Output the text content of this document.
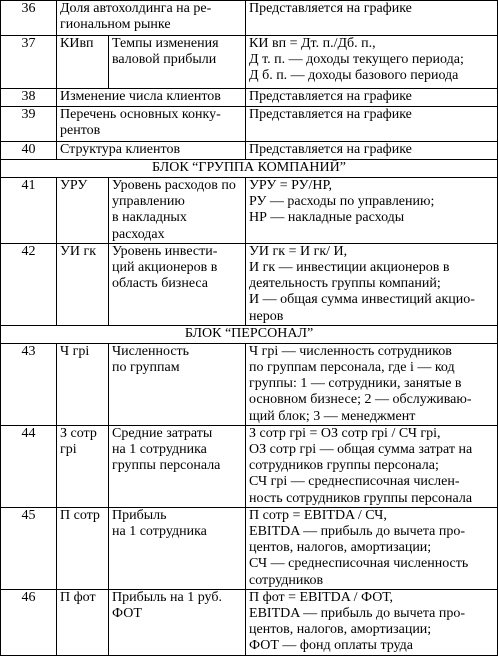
36	Доля автохолдинга на ре-
гиональном рынке		Представляется на графике

37	КИвп	Темпы изменения
валовой прибыли	КИ вп = Дт. п./Дб. п.,
Д т. п. — доходы текущего периода;
Д б. п. — доходы базового периода

38	Изменение числа клиентов		Представляется на графике

39	Перечень основных конку-
рентов		Представляется на графике

40	Структура клиентов		Представляется на графике

БЛОК “ГРУППА КОМПАНИЙ”			
41	УРУ	Уровень расходов по
управлению
в накладных
расходах	УРУ = РУ/НР,
РУ — расходы по управлению;
НР — накладные расходы

42	УИ гк	Уровень инвести-
ций акционеров в
область бизнеса	УИ гк = И гк/ И,
И гк — инвестиции акционеров в
деятельность группы компаний;
И — общая сумма инвестиций акцио-
неров

БЛОК “ПЕРСОНАЛ”			
43	Ч грi	Численность
по группам	Ч грi — численность сотрудников
по группам персонала, где i — код
группы: 1 — сотрудники, занятые в
основном бизнесе; 2 — обслуживаю-
щий блок; 3 — менеджмент

44	З сотр
грi	Средние затраты
на 1 сотрудника
группы персонала	З сотр грi = ОЗ сотр грi / СЧ грi,
ОЗ сотр грi — общая сумма затрат на
сотрудников группы персонала;
СЧ грi — среднесписочная числен-
ность сотрудников группы персонала

45	П сотр	Прибыль
на 1 сотрудника	П сотр = EBITDA / СЧ,
EBITDA — прибыль до вычета про-
центов, налогов, амортизации;
СЧ — среднесписочная численность
сотрудников

46	П фот	Прибыль на 1 руб.
ФОТ	П фот = EBITDA / ФОТ,
EBITDA — прибыль до вычета про-
центов, налогов, амортизации;
ФОТ — фонд оплаты труда
